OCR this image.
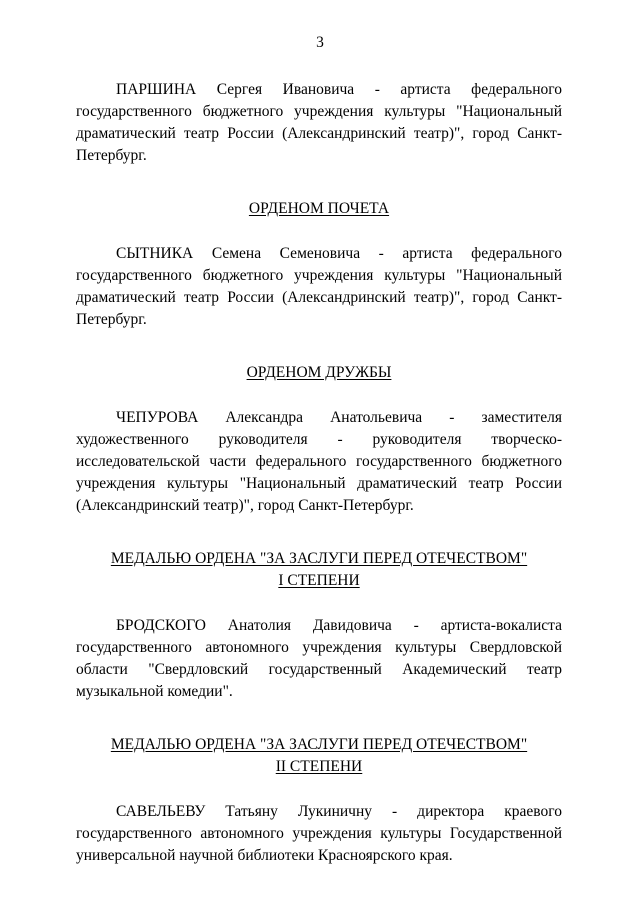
3

ПАРШИНА Сергея Ивановича - артиста федерального государственного бюджетного учреждения культуры "Национальный драматический театр России (Александринский театр)", город Санкт-Петербург.

ОРДЕНОМ ПОЧЕТА

СЫТНИКА Семена Семеновича - артиста федерального государственного бюджетного учреждения культуры "Национальный драматический театр России (Александринский театр)", город Санкт-Петербург.

ОРДЕНОМ ДРУЖБЫ

ЧЕПУРОВА Александра Анатольевича - заместителя художественного руководителя - руководителя творческо-исследовательской части федерального государственного бюджетного учреждения культуры "Национальный драматический театр России (Александринский театр)", город Санкт-Петербург.

МЕДАЛЬЮ ОРДЕНА "ЗА ЗАСЛУГИ ПЕРЕД ОТЕЧЕСТВОМ"

I СТЕПЕНИ

БРОДСКОГО Анатолия Давидовича - артиста-вокалиста государственного автономного учреждения культуры Свердловской области "Свердловский государственный Академический театр музыкальной комедии".

МЕДАЛЬЮ ОРДЕНА "ЗА ЗАСЛУГИ ПЕРЕД ОТЕЧЕСТВОМ"

II СТЕПЕНИ

САВЕЛЬЕВУ Татьяну Лукиничну - директора краевого государственного автономного учреждения культуры Государственной универсальной научной библиотеки Красноярского края.
